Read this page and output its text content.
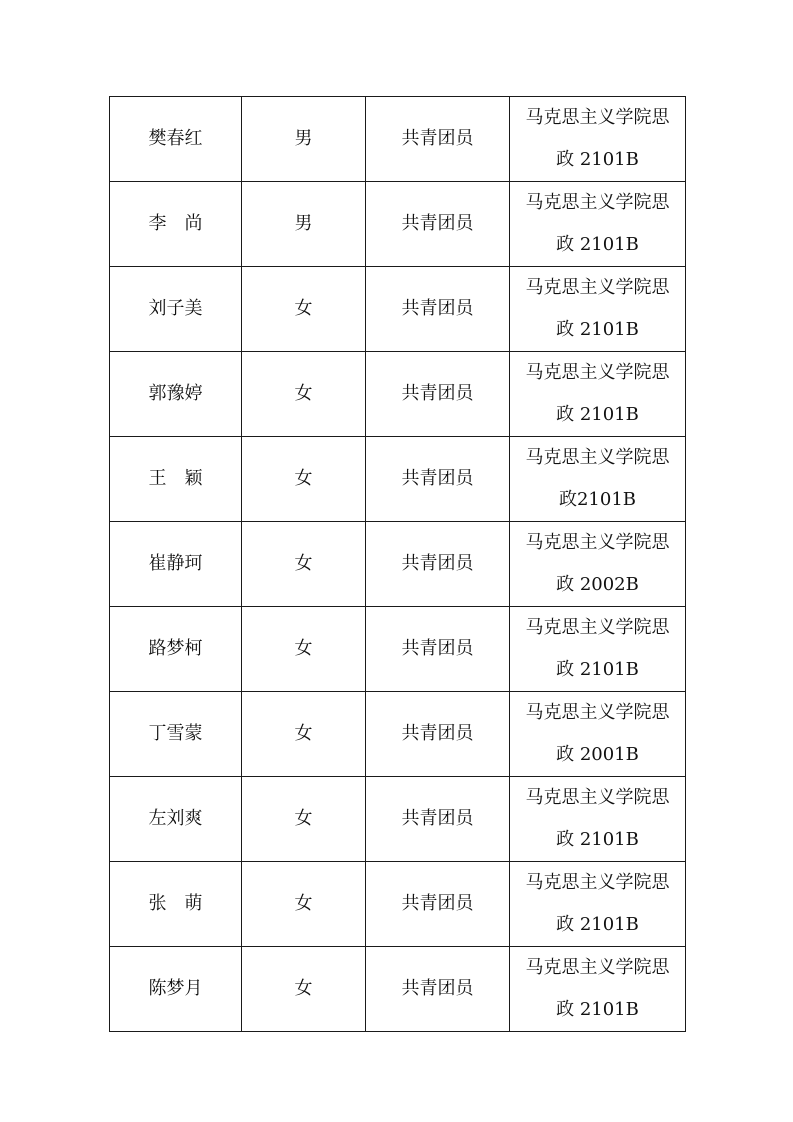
樊春红	男	共青团员	马克思主义学院思
政 2101B

李　尚	男	共青团员	马克思主义学院思
政 2101B

刘子美	女	共青团员	马克思主义学院思
政 2101B

郭豫婷	女	共青团员	马克思主义学院思
政 2101B

王　颖	女	共青团员	马克思主义学院思
政2101B

崔静珂	女	共青团员	马克思主义学院思
政 2002B

路梦柯	女	共青团员	马克思主义学院思
政 2101B

丁雪蒙	女	共青团员	马克思主义学院思
政 2001B

左刘爽	女	共青团员	马克思主义学院思
政 2101B

张　萌	女	共青团员	马克思主义学院思
政 2101B

陈梦月	女	共青团员	马克思主义学院思
政 2101B
